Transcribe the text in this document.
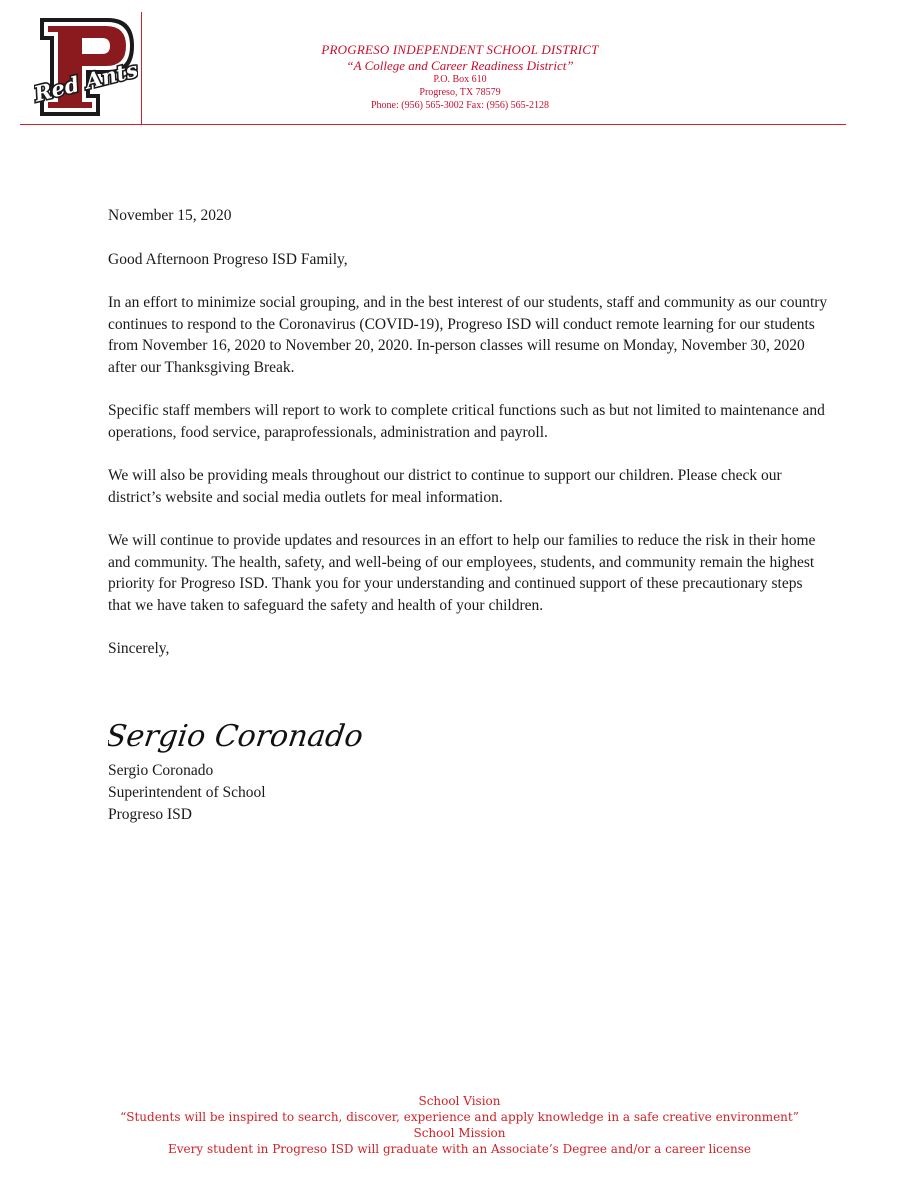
Red Ants
PROGRESO INDEPENDENT SCHOOL DISTRICT
“A College and Career Readiness District”
P.O. Box 610
Progreso, TX 78579
Phone: (956) 565-3002 Fax: (956) 565-2128

November 15, 2020

Good Afternoon Progreso ISD Family,

In an effort to minimize social grouping, and in the best interest of our students, staff and community as our country continues to respond to the Coronavirus (COVID-19), Progreso ISD will conduct remote learning for our students from November 16, 2020 to November 20, 2020. In-person classes will resume on Monday, November 30, 2020 after our Thanksgiving Break.

Specific staff members will report to work to complete critical functions such as but not limited to maintenance and operations, food service, paraprofessionals, administration and payroll.

We will also be providing meals throughout our district to continue to support our children. Please check our district’s website and social media outlets for meal information.

We will continue to provide updates and resources in an effort to help our families to reduce the risk in their home and community. The health, safety, and well-being of our employees, students, and community remain the highest priority for Progreso ISD. Thank you for your understanding and continued support of these precautionary steps that we have taken to safeguard the safety and health of your children.

Sincerely,

Sergio Coronado
Sergio Coronado
Superintendent of School
Progreso ISD
School Vision
“Students will be inspired to search, discover, experience and apply knowledge in a safe creative environment”
School Mission
Every student in Progreso ISD will graduate with an Associate’s Degree and/or a career license
